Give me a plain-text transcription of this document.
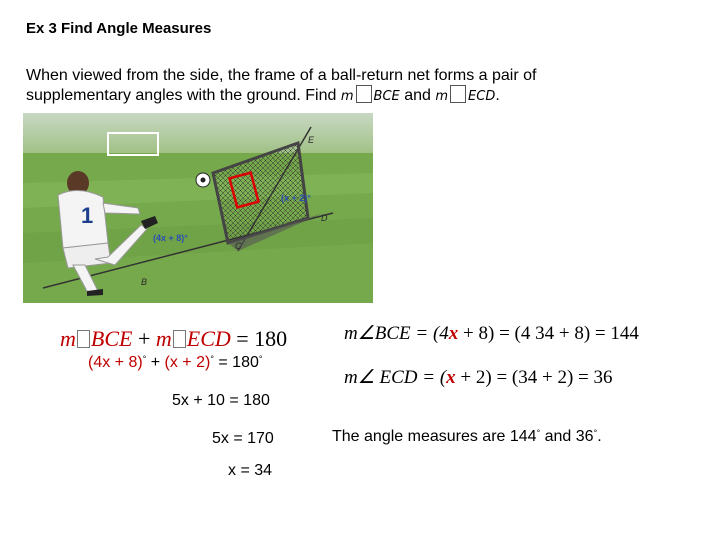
Ex 3 Find Angle Measures
When viewed from the side, the frame of a ball-return net forms a pair of
supplementary angles with the ground. Find m BCE and m ECD.
1
E
D
C
B
(x + 2)°
(4x + 8)°
m BCE + m ECD = 180
(4x + 8)° + (x + 2)° = 180°
5x + 10 = 180
5x = 170
x = 34
m∠BCE = (4x + 8) = (4 34 + 8) = 144
m∠ ECD = (x + 2) = (34 + 2) = 36
The angle measures are 144° and 36°.
